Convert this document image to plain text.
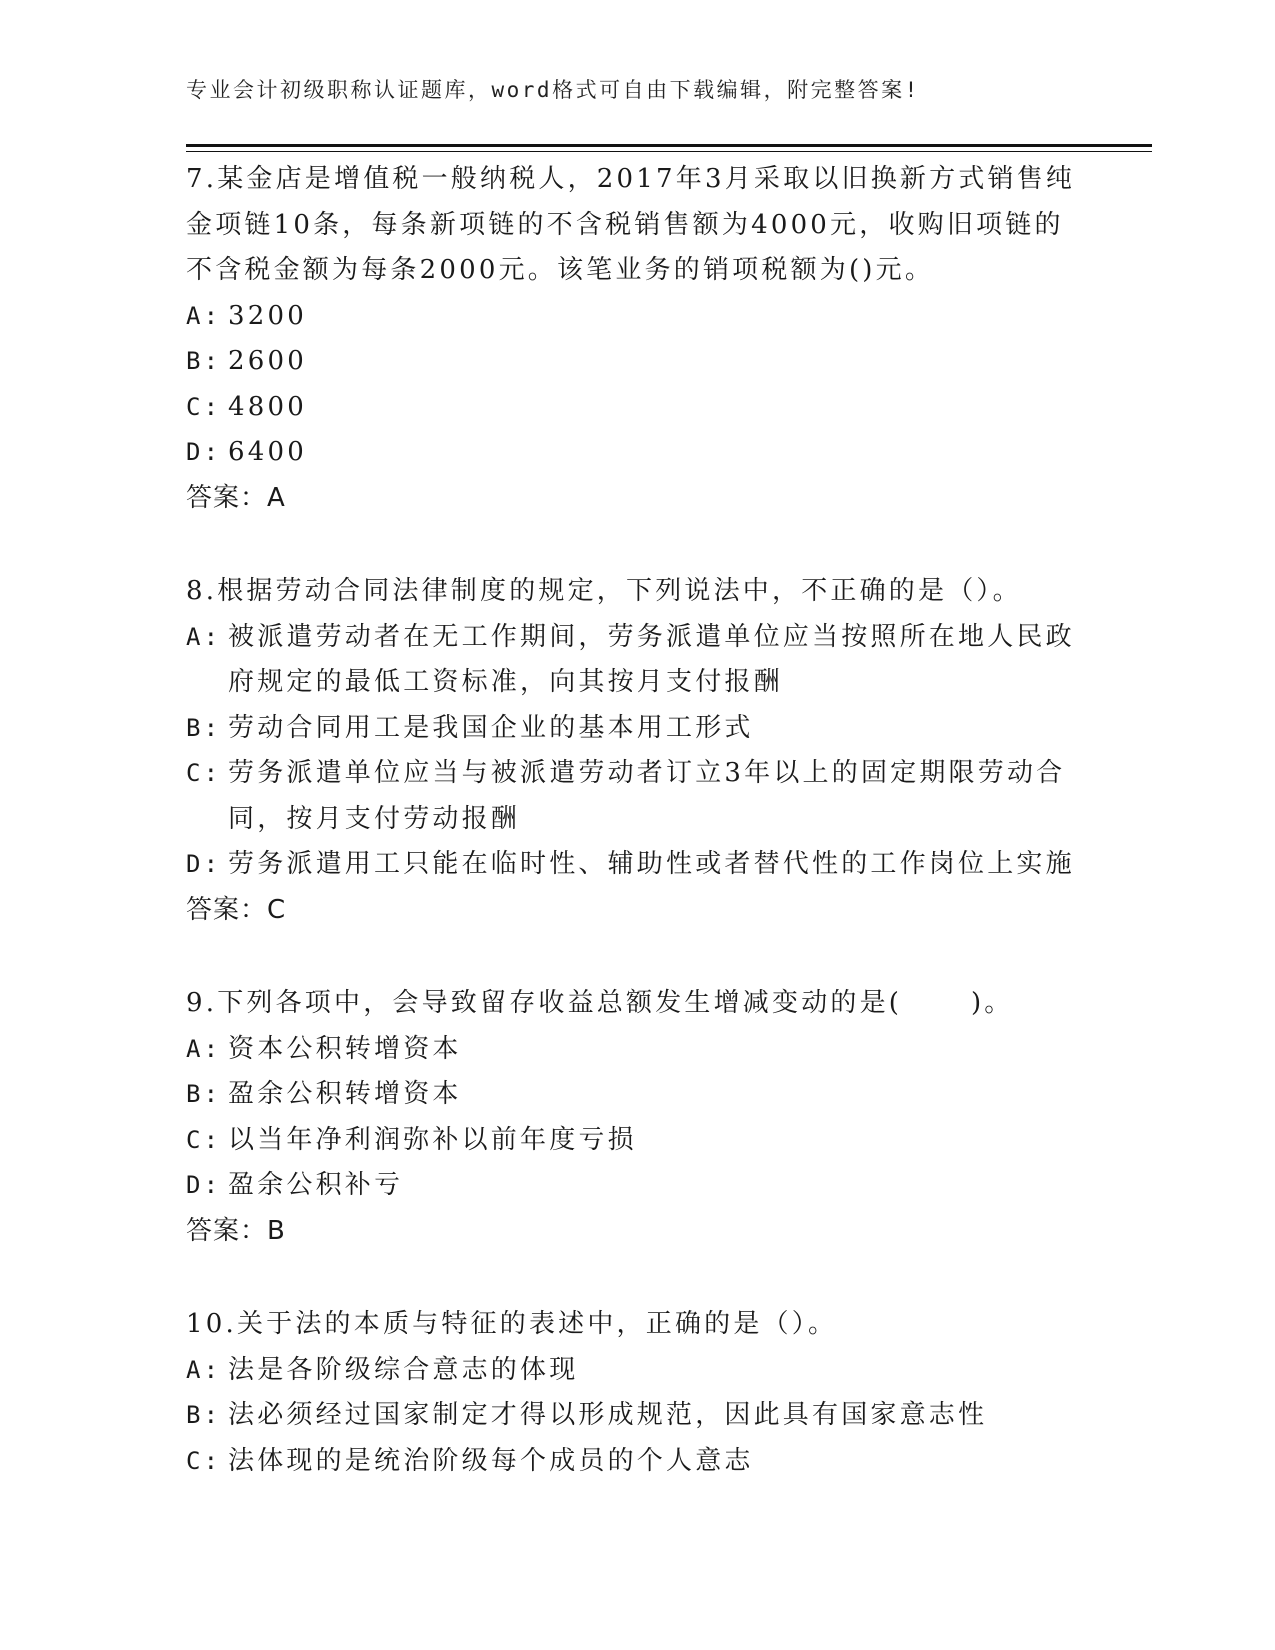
专业会计初级职称认证题库，word格式可自由下载编辑，附完整答案!

7.某金店是增值税一般纳税人，2017年3月采取以旧换新方式销售纯金项链10条，每条新项链的不含税销售额为4000元，收购旧项链的不含税金额为每条2000元。该笔业务的销项税额为()元。

A: 3200
B: 2600
C: 4800
D: 6400
答案：A

8.根据劳动合同法律制度的规定，下列说法中，不正确的是（）。

A: 被派遣劳动者在无工作期间，劳务派遣单位应当按照所在地人民政府规定的最低工资标准，向其按月支付报酬
B: 劳动合同用工是我国企业的基本用工形式
C: 劳务派遣单位应当与被派遣劳动者订立3年以上的固定期限劳动合同，按月支付劳动报酬
D: 劳务派遣用工只能在临时性、辅助性或者替代性的工作岗位上实施
答案：C

9.下列各项中，会导致留存收益总额发生增减变动的是(      )。

A: 资本公积转增资本
B: 盈余公积转增资本
C: 以当年净利润弥补以前年度亏损
D: 盈余公积补亏
答案：B

10.关于法的本质与特征的表述中，正确的是（）。

A: 法是各阶级综合意志的体现
B: 法必须经过国家制定才得以形成规范，因此具有国家意志性
C: 法体现的是统治阶级每个成员的个人意志
